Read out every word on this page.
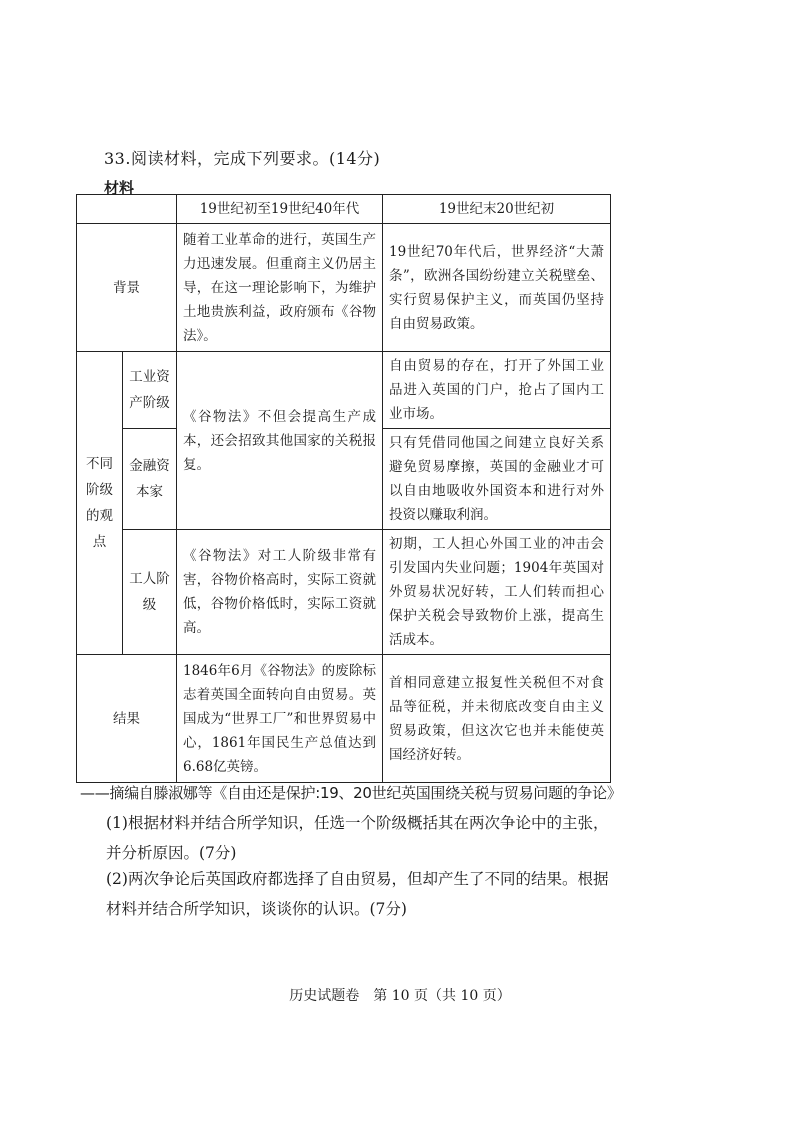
33.阅读材料，完成下列要求。(14分)
材料
		19世纪初至19世纪40年代	19世纪末20世纪初
背景		随着工业革命的进行，英国生产力迅速发展。但重商主义仍居主导，在这一理论影响下，为维护土地贵族利益，政府颁布《谷物法》。	19世纪70年代后，世界经济“大萧条”，欧洲各国纷纷建立关税壁垒、实行贸易保护主义，而英国仍坚持自由贸易政策。
不同阶级的观点	工业资产阶级	《谷物法》不但会提高生产成本，还会招致其他国家的关税报复。	自由贸易的存在，打开了外国工业品进入英国的门户，抢占了国内工业市场。
	金融资本家		只有凭借同他国之间建立良好关系避免贸易摩擦，英国的金融业才可以自由地吸收外国资本和进行对外投资以赚取利润。
	工人阶级	《谷物法》对工人阶级非常有害，谷物价格高时，实际工资就低，谷物价格低时，实际工资就高。	初期，工人担心外国工业的冲击会引发国内失业问题；1904年英国对外贸易状况好转，工人们转而担心保护关税会导致物价上涨，提高生活成本。
结果		1846年6月《谷物法》的废除标志着英国全面转向自由贸易。英国成为“世界工厂”和世界贸易中心，1861年国民生产总值达到6.68亿英镑。	首相同意建立报复性关税但不对食品等征税，并未彻底改变自由主义贸易政策，但这次它也并未能使英国经济好转。
——摘编自滕淑娜等《自由还是保护:19、20世纪英国围绕关税与贸易问题的争论》
(1)根据材料并结合所学知识，任选一个阶级概括其在两次争论中的主张，并分析原因。(7分)
(2)两次争论后英国政府都选择了自由贸易，但却产生了不同的结果。根据材料并结合所学知识，谈谈你的认识。(7分)
历史试题卷　第 10 页（共 10 页）
